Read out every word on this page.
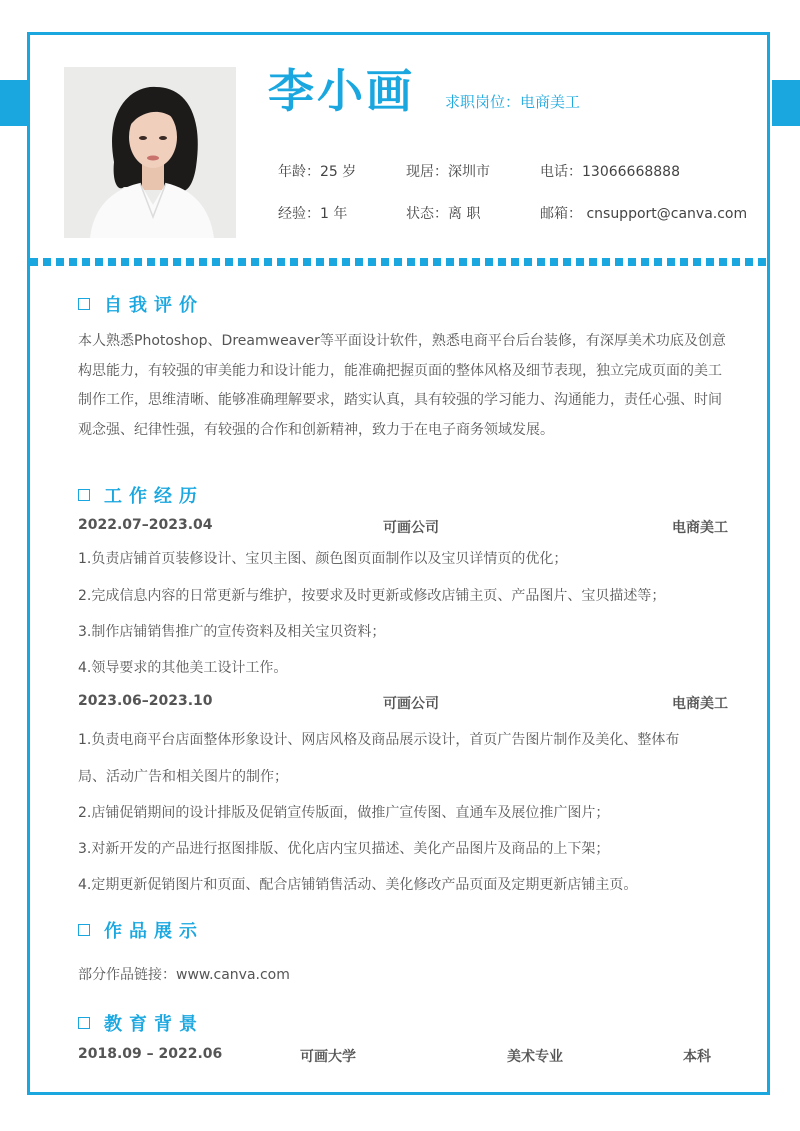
李小画 求职岗位：电商美工
年龄：25 岁	现居：深圳市	电话：13066668888
经验：1 年	状态：离 职	邮箱： cnsupport@canva.com
自我评价

本人熟悉Photoshop、Dreamweaver等平面设计软件，熟悉电商平台后台装修，有深厚美术功底及创意构思能力，有较强的审美能力和设计能力，能准确把握页面的整体风格及细节表现，独立完成页面的美工制作工作，思维清晰、能够准确理解要求，踏实认真，具有较强的学习能力、沟通能力，责任心强、时间观念强、纪律性强，有较强的合作和创新精神，致力于在电子商务领域发展。

工作经历
2022.07–2023.04	可画公司	电商美工
1.负责店铺首页装修设计、宝贝主图、颜色图页面制作以及宝贝详情页的优化；
2.完成信息内容的日常更新与维护，按要求及时更新或修改店铺主页、产品图片、宝贝描述等；
3.制作店铺销售推广的宣传资料及相关宝贝资料；
4.领导要求的其他美工设计工作。
2023.06–2023.10	可画公司	电商美工
1.负责电商平台店面整体形象设计、网店风格及商品展示设计，首页广告图片制作及美化、整体布
局、活动广告和相关图片的制作；
2.店铺促销期间的设计排版及促销宣传版面，做推广宣传图、直通车及展位推广图片；
3.对新开发的产品进行抠图排版、优化店内宝贝描述、美化产品图片及商品的上下架；
4.定期更新促销图片和页面、配合店铺销售活动、美化修改产品页面及定期更新店铺主页。
作品展示
部分作品链接：www.canva.com
教育背景
2018.09 – 2022.06	可画大学	美术专业	本科
